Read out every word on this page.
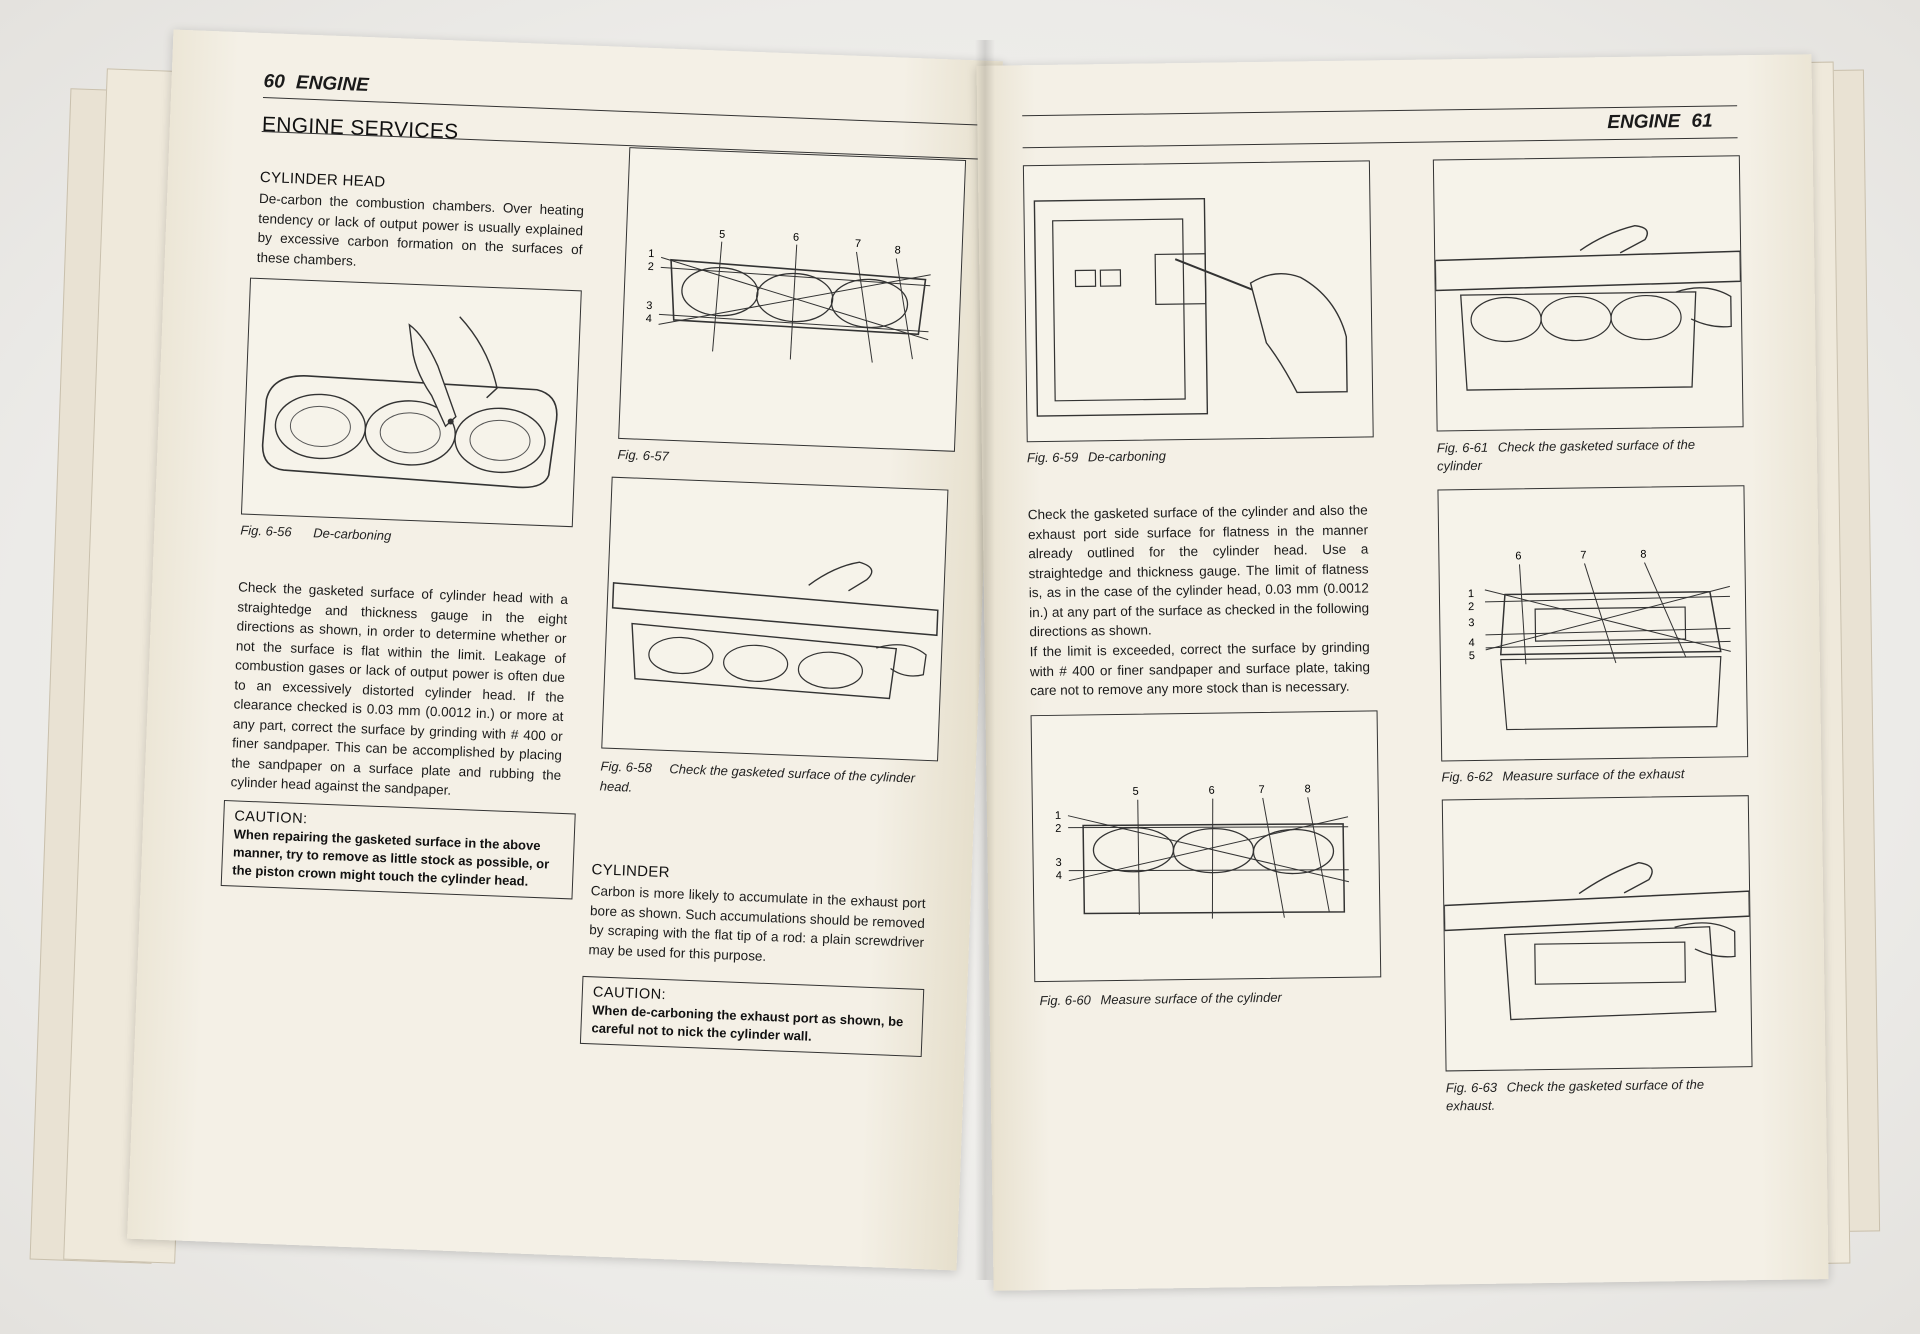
60 ENGINE
ENGINE SERVICES
CYLINDER HEAD
De-carbon the combustion chambers. Over heating tendency or lack of output power is usually explained by excessive carbon formation on the surfaces of these chambers.
Fig. 6-56 De-carboning
Check the gasketed surface of cylinder head with a straightedge and thickness gauge in the eight directions as shown, in order to determine whether or not the surface is flat within the limit. Leakage of combustion gases or lack of output power is often due to an excessively distorted cylinder head. If the clearance checked is 0.03 mm (0.0012 in.) or more at any part, correct the surface by grinding with # 400 or finer sandpaper. This can be accomplished by placing the sandpaper on a surface plate and rubbing the cylinder head against the sandpaper.
CAUTION:
When repairing the gasketed surface in the above manner, try to remove as little stock as possible, or the piston crown might touch the cylinder head.
1
2
3
4
5	6
7
8
Fig. 6-57
Fig. 6-58 Check the gasketed surface of the cylinder head.
CYLINDER
Carbon is more likely to accumulate in the exhaust port bore as shown. Such accumulations should be removed by scraping with the flat tip of a rod: a plain screwdriver may be used for this purpose.
CAUTION:
When de-carboning the exhaust port as shown, be careful not to nick the cylinder wall.
ENGINE 61
Fig. 6-59 De-carboning
Check the gasketed surface of the cylinder and also the exhaust port side surface for flatness in the manner already outlined for the cylinder head. Use a straightedge and thickness gauge. The limit of flatness is, as in the case of the cylinder head, 0.03 mm (0.0012 in.) at any part of the surface as checked in the following directions as shown.
If the limit is exceeded, correct the surface by grinding with # 400 or finer sandpaper and surface plate, taking care not to remove any more stock than is necessary.
1
2
3
4
5	6	7	8
Fig. 6-60 Measure surface of the cylinder
Fig. 6-61 Check the gasketed surface of the cylinder
1
2
3
4
5
6	7	8
Fig. 6-62 Measure surface of the exhaust
Fig. 6-63 Check the gasketed surface of the exhaust.
